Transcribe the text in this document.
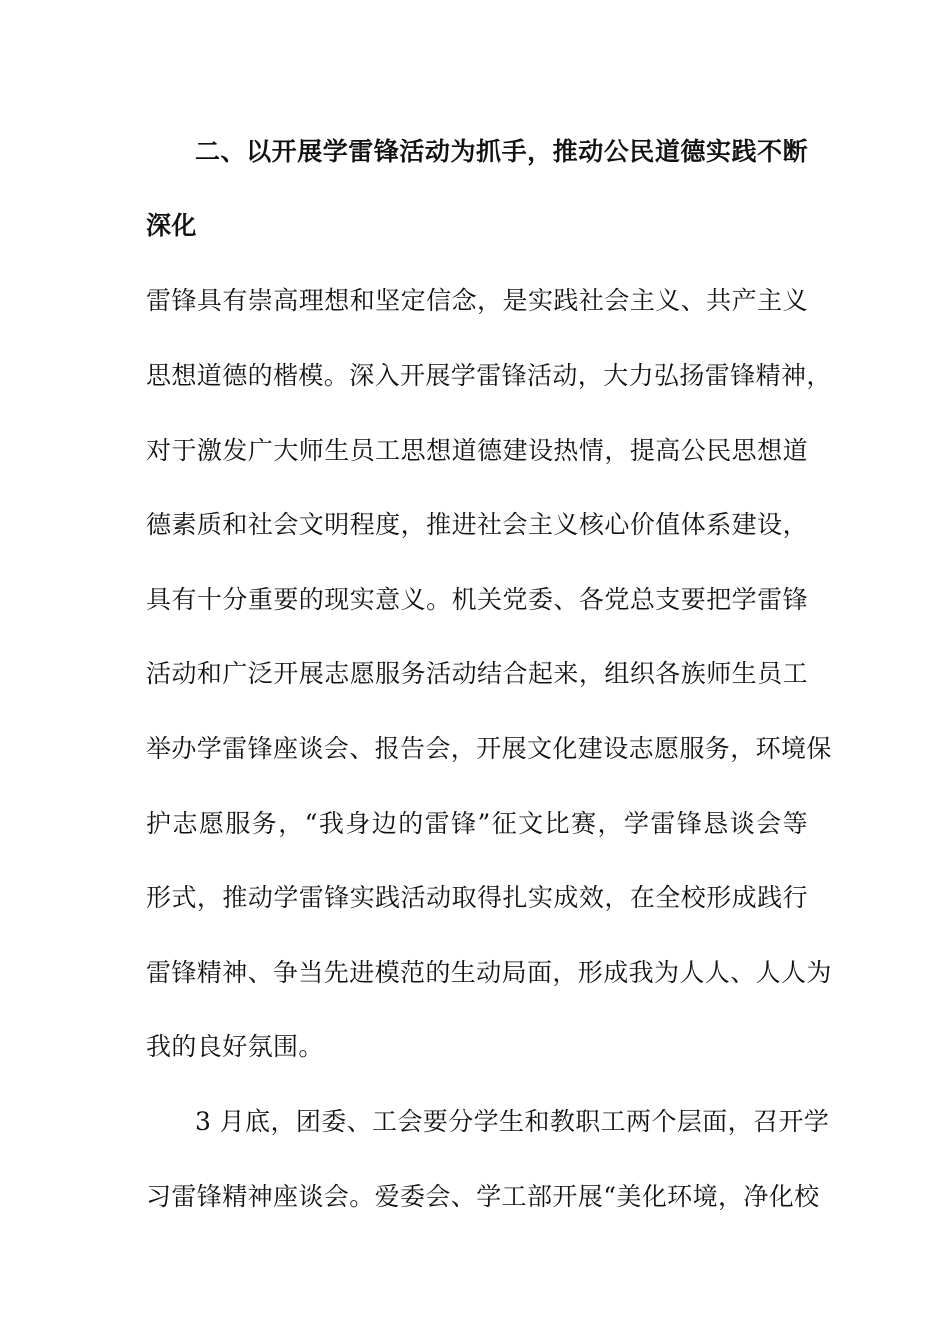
二、以开展学雷锋活动为抓手，推动公民道德实践不断
深化
雷锋具有崇高理想和坚定信念，是实践社会主义、共产主义
思想道德的楷模。深入开展学雷锋活动，大力弘扬雷锋精神，
对于激发广大师生员工思想道德建设热情，提高公民思想道
德素质和社会文明程度，推进社会主义核心价值体系建设，
具有十分重要的现实意义。机关党委、各党总支要把学雷锋
活动和广泛开展志愿服务活动结合起来，组织各族师生员工
举办学雷锋座谈会、报告会，开展文化建设志愿服务，环境保
护志愿服务，“我身边的雷锋”征文比赛，学雷锋恳谈会等
形式，推动学雷锋实践活动取得扎实成效，在全校形成践行
雷锋精神、争当先进模范的生动局面，形成我为人人、人人为
我的良好氛围。
3 月底，团委、工会要分学生和教职工两个层面，召开学
习雷锋精神座谈会。爱委会、学工部开展“美化环境，净化校
